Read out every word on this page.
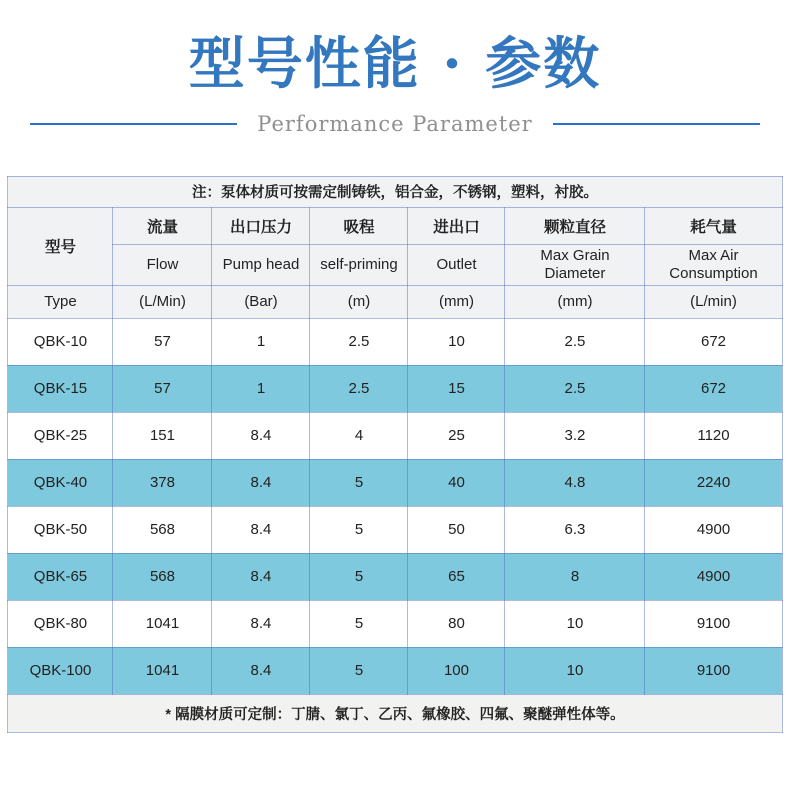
型号性能 · 参数
Performance Parameter
注：泵体材质可按需定制铸铁，铝合金，不锈钢，塑料，衬胶。						
型号	流量	出口压力	吸程	进出口	颗粒直径	耗气量
	Flow	Pump head	self-priming	Outlet	Max Grain Diameter	Max Air Consumption
Type	(L/Min)	(Bar)	(m)	(mm)	(mm)	(L/min)
QBK-10	57	1	2.5	10	2.5	672
QBK-15	57	1	2.5	15	2.5	672
QBK-25	151	8.4	4	25	3.2	1120
QBK-40	378	8.4	5	40	4.8	2240
QBK-50	568	8.4	5	50	6.3	4900
QBK-65	568	8.4	5	65	8	4900
QBK-80	1041	8.4	5	80	10	9100
QBK-100	1041	8.4	5	100	10	9100
* 隔膜材质可定制：丁腈、氯丁、乙丙、氟橡胶、四氟、聚醚弹性体等。						
